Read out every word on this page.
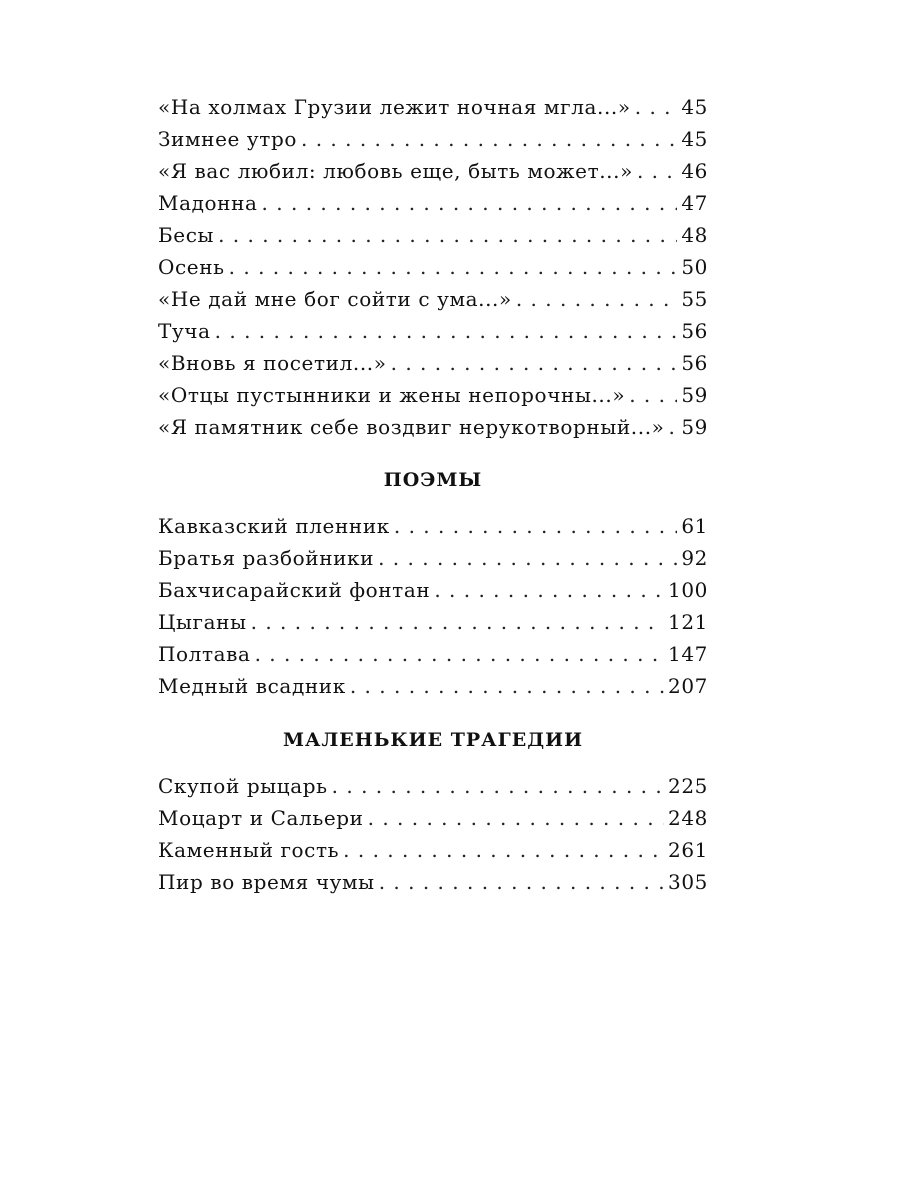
«На холмах Грузии лежит ночная мгла...» . . .	45
Зимнее утро . . .	45
«Я вас любил: любовь еще, быть может...» . . . 46
Мадонна . . .	47
Бесы . . .	48
Осень . . .	50
«Не дай мне бог сойти с ума...» . . .	55
Туча . . .	56
«Вновь я посетил...» . . .	56
«Отцы пустынники и жены непорочны...» . . .	59
«Я памятник себе воздвиг нерукотворный...» . . . 59
ПОЭМЫ
Кавказский пленник . . .	61
Братья разбойники . . .	92
Бахчисарайский фонтан . . .	100
Цыганы . . .	121
Полтава . . .	147
Медный всадник . . .	207
МАЛЕНЬКИЕ ТРАГЕДИИ
Скупой рыцарь . . .	225
Моцарт и Сальери . . .	248
Каменный гость . . .	261
Пир во время чумы . . .	305
